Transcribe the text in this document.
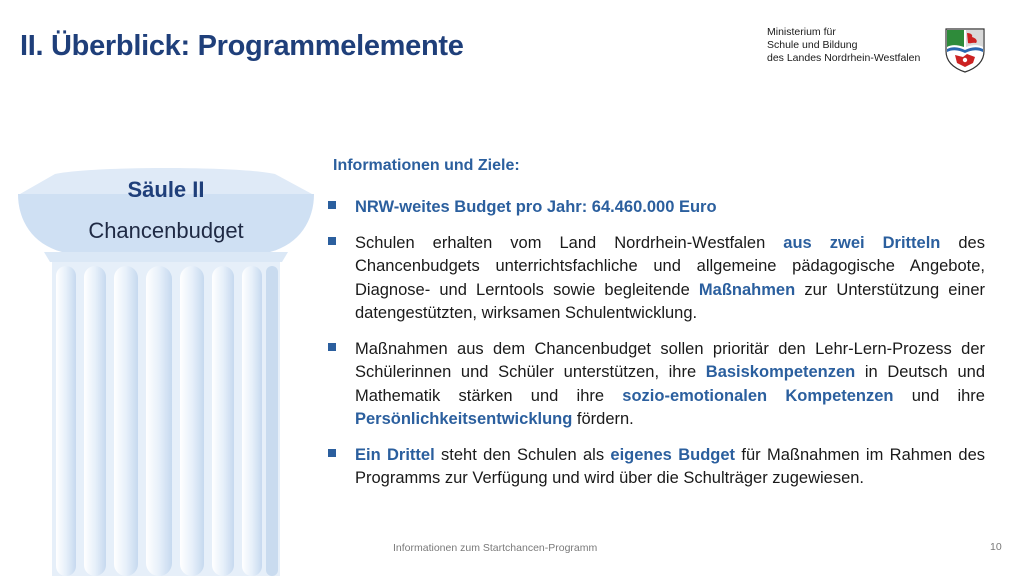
II. Überblick: Programmelemente	Ministerium für
Schule und Bildung
des Landes Nordrhein-Westfalen
Säule II
Chancenbudget
Informationen und Ziele:

NRW-weites Budget pro Jahr: 64.460.000 Euro

Schulen erhalten vom Land Nordrhein-Westfalen aus zwei Dritteln des Chancenbudgets unterrichtsfachliche und allgemeine pädagogische Angebote, Diagnose- und Lerntools sowie begleitende Maßnahmen zur Unterstützung einer datengestützten, wirksamen Schulentwicklung.

Maßnahmen aus dem Chancenbudget sollen prioritär den Lehr-Lern-Prozess der Schülerinnen und Schüler unterstützen, ihre Basiskompetenzen in Deutsch und Mathematik stärken und ihre sozio-emotionalen Kompetenzen und ihre Persönlichkeitsentwicklung fördern.

Ein Drittel steht den Schulen als eigenes Budget für Maßnahmen im Rahmen des Programms zur Verfügung und wird über die Schulträger zugewiesen.

Informationen zum Startchancen-Programm	10
